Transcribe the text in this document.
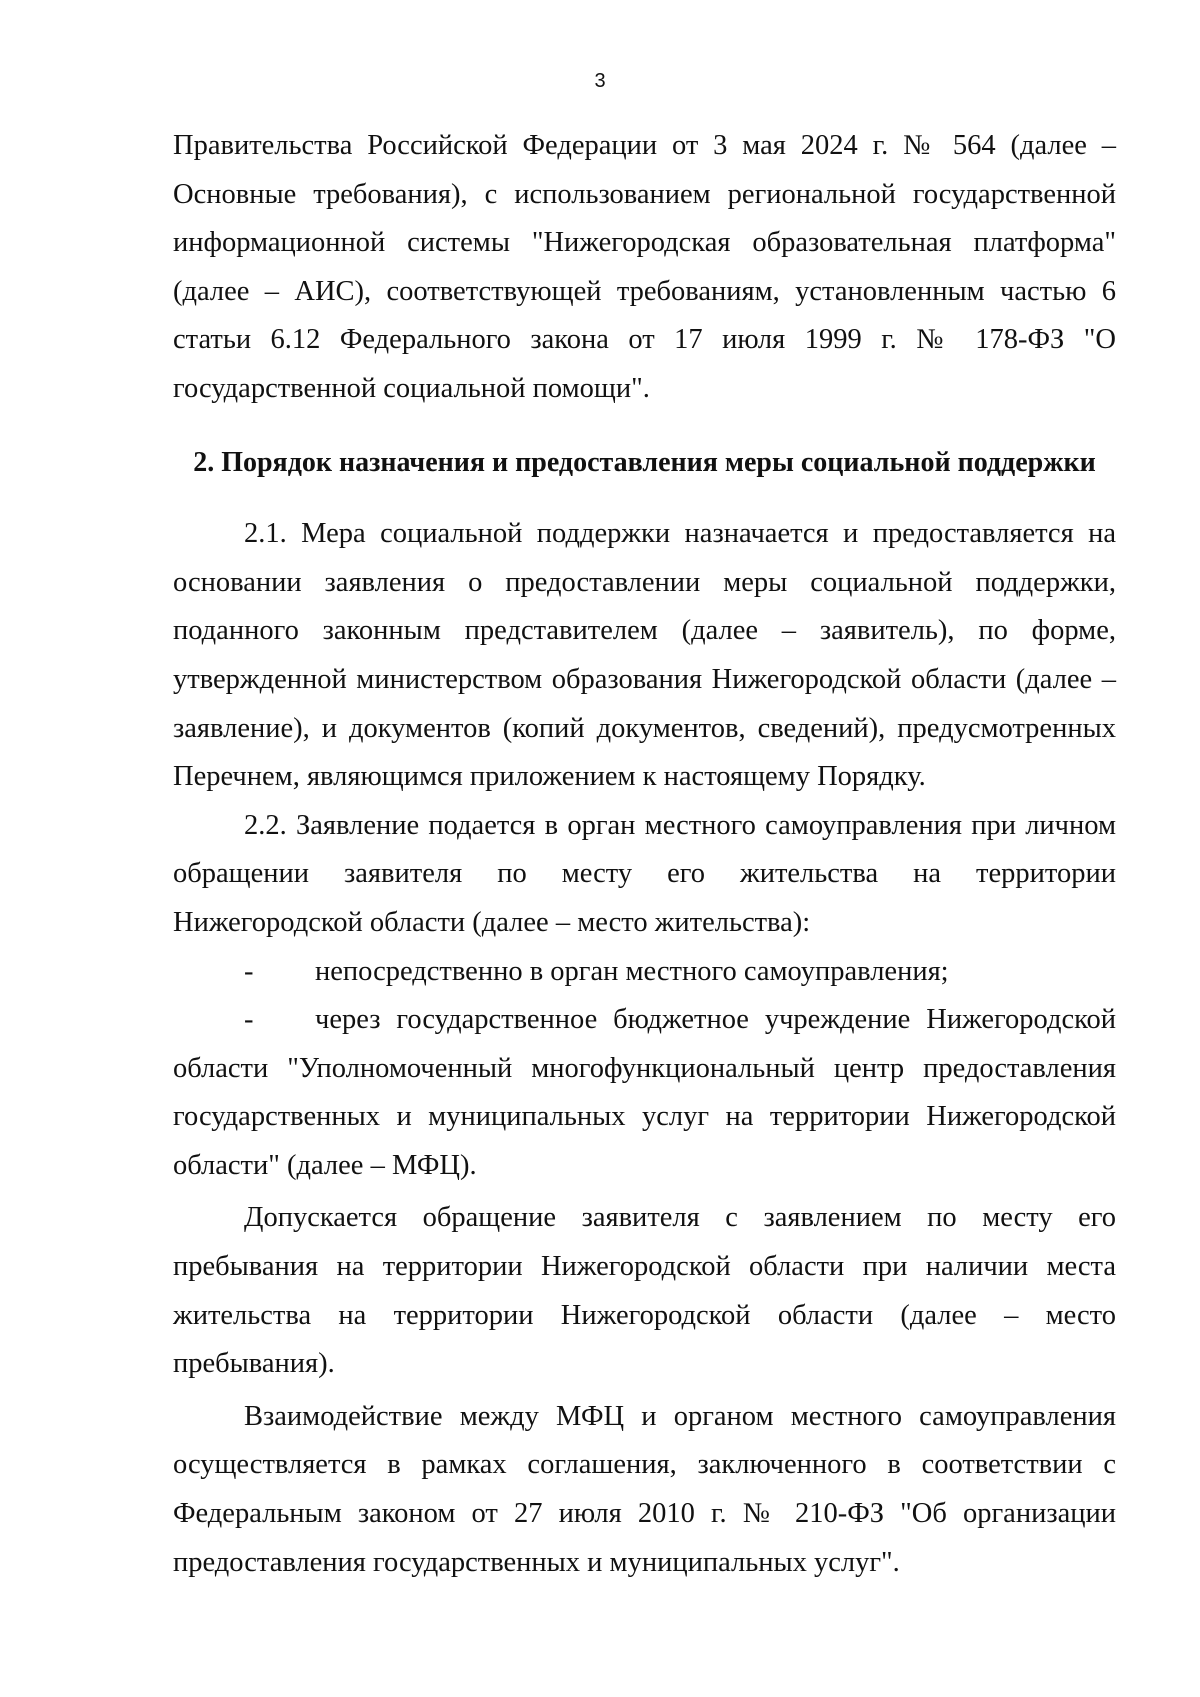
3

Правительства Российской Федерации от 3 мая 2024 г. № 564 (далее – Основные требования), с использованием региональной государственной информационной системы "Нижегородская образовательная платформа" (далее – АИС), соответствующей требованиям, установленным частью 6 статьи 6.12 Федерального закона от 17 июля 1999 г. № 178-ФЗ "О государственной социальной помощи".

2. Порядок назначения и предоставления меры социальной поддержки

2.1. Мера социальной поддержки назначается и предоставляется на основании заявления о предоставлении меры социальной поддержки, поданного законным представителем (далее – заявитель), по форме, утвержденной министерством образования Нижегородской области (далее – заявление), и документов (копий документов, сведений), предусмотренных Перечнем, являющимся приложением к настоящему Порядку.

2.2. Заявление подается в орган местного самоуправления при личном обращении заявителя по месту его жительства на территории Нижегородской области (далее – место жительства):

- непосредственно в орган местного самоуправления;

- через государственное бюджетное учреждение Нижегородской области "Уполномоченный многофункциональный центр предоставления государственных и муниципальных услуг на территории Нижегородской области" (далее – МФЦ).

Допускается обращение заявителя с заявлением по месту его пребывания на территории Нижегородской области при наличии места жительства на территории Нижегородской области (далее – место пребывания).

Взаимодействие между МФЦ и органом местного самоуправления осуществляется в рамках соглашения, заключенного в соответствии с Федеральным законом от 27 июля 2010 г. № 210-ФЗ "Об организации предоставления государственных и муниципальных услуг".
